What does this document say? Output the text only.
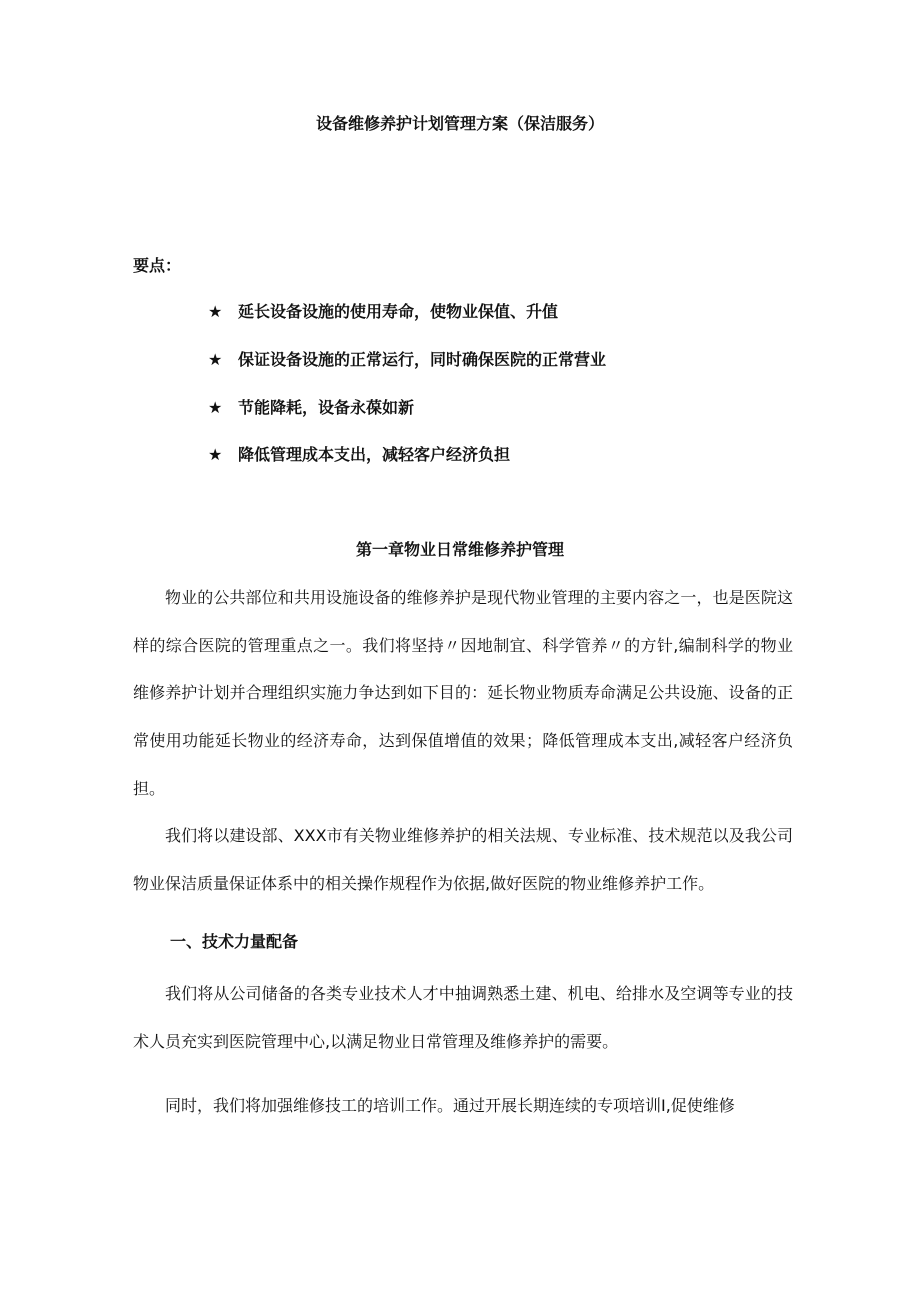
设备维修养护计划管理方案（保洁服务）

要点：

★ 延长设备设施的使用寿命，使物业保值、升值
★ 保证设备设施的正常运行，同时确保医院的正常营业
★ 节能降耗，设备永葆如新
★ 降低管理成本支出，减轻客户经济负担
第一章物业日常维修养护管理

物业的公共部位和共用设施设备的维修养护是现代物业管理的主要内容之一，也是医院这样的综合医院的管理重点之一。我们将坚持〃因地制宜、科学管养〃的方针,编制科学的物业维修养护计划并合理组织实施力争达到如下目的：延长物业物质寿命满足公共设施、设备的正常使用功能延长物业的经济寿命，达到保值增值的效果；降低管理成本支出,减轻客户经济负担。

我们将以建设部、XXX市有关物业维修养护的相关法规、专业标准、技术规范以及我公司物业保洁质量保证体系中的相关操作规程作为依据,做好医院的物业维修养护工作。

一、技术力量配备

我们将从公司储备的各类专业技术人才中抽调熟悉土建、机电、给排水及空调等专业的技术人员充实到医院管理中心,以满足物业日常管理及维修养护的需要。

同时，我们将加强维修技工的培训工作。通过开展长期连续的专项培训Ⅰ,促使维修
